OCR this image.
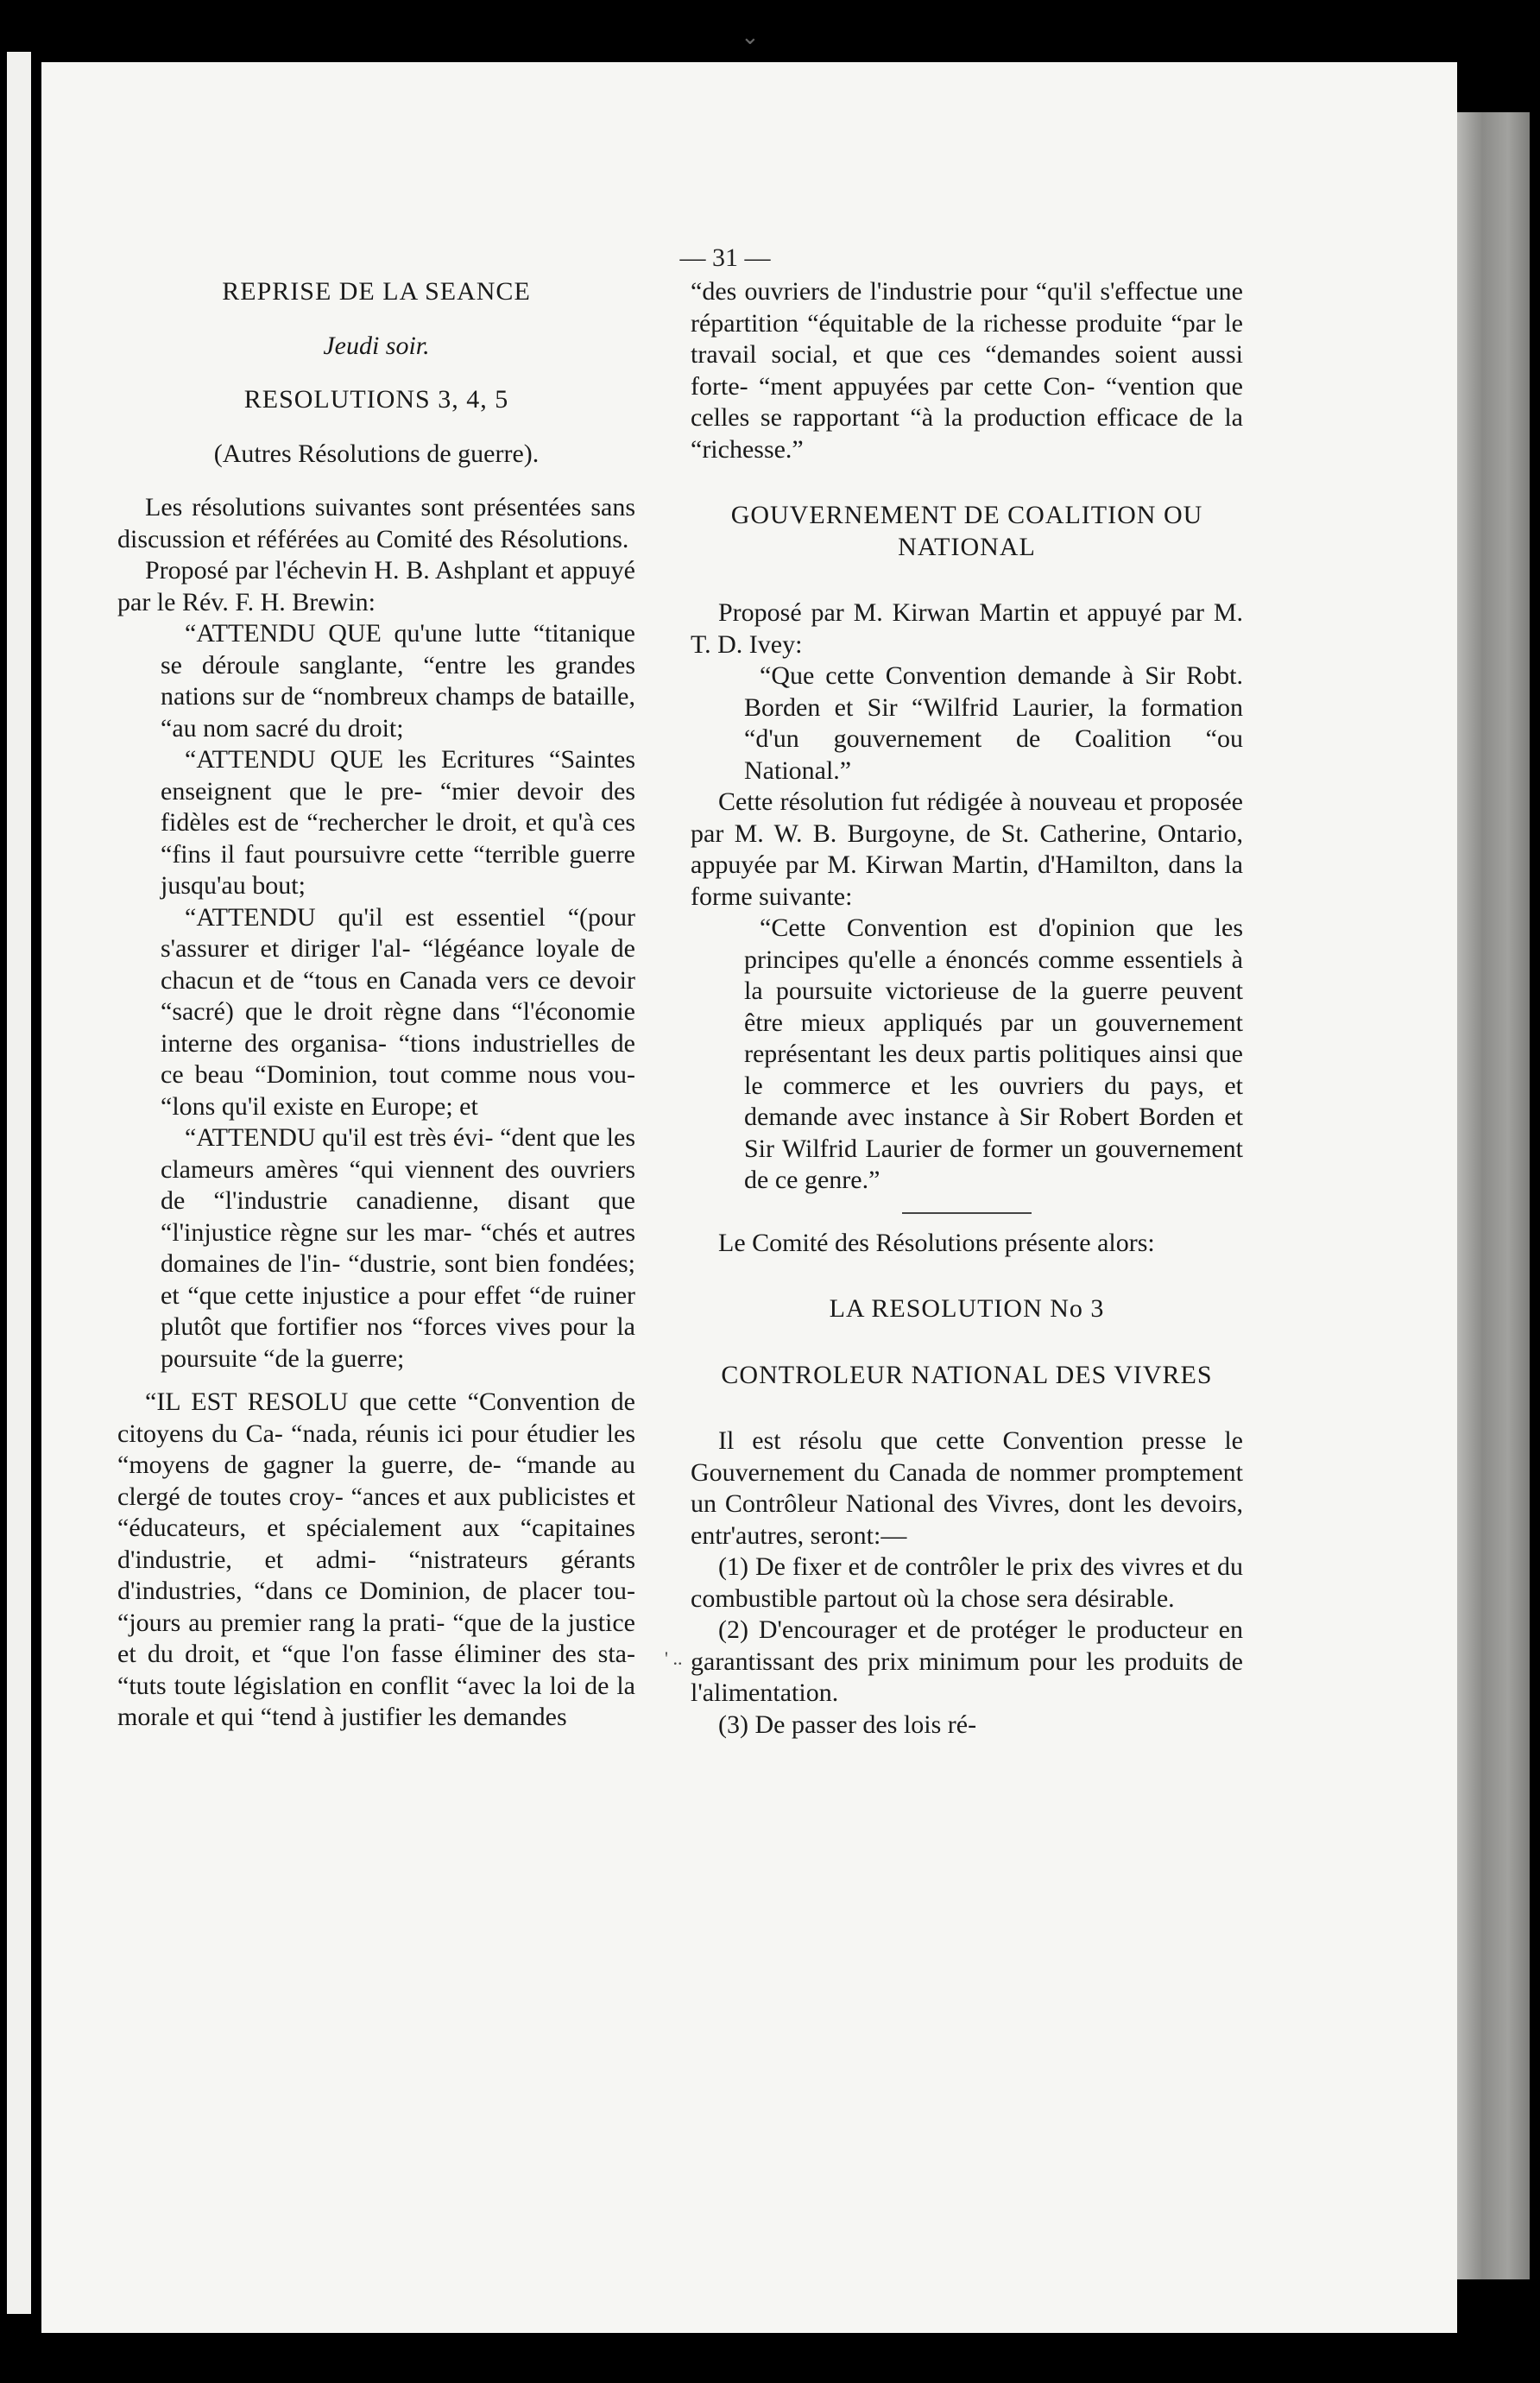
⌄
— 31 —

REPRISE DE LA SEANCE

Jeudi soir.

RESOLUTIONS 3, 4, 5

(Autres Résolutions de guerre).

Les résolutions suivantes sont présentées sans discussion et référées au Comité des Résolutions.

Proposé par l'échevin H. B. Ashplant et appuyé par le Rév. F. H. Brewin:

“ATTENDU QUE qu'une lutte “titanique se déroule sanglante, “entre les grandes nations sur de “nombreux champs de bataille, “au nom sacré du droit;

“ATTENDU QUE les Ecritures “Saintes enseignent que le pre- “mier devoir des fidèles est de “rechercher le droit, et qu'à ces “fins il faut poursuivre cette “terrible guerre jusqu'au bout;

“ATTENDU qu'il est essentiel “(pour s'assurer et diriger l'al- “légéance loyale de chacun et de “tous en Canada vers ce devoir “sacré) que le droit règne dans “l'économie interne des organisa- “tions industrielles de ce beau “Dominion, tout comme nous vou- “lons qu'il existe en Europe; et

“ATTENDU qu'il est très évi- “dent que les clameurs amères “qui viennent des ouvriers de “l'industrie canadienne, disant que “l'injustice règne sur les mar- “chés et autres domaines de l'in- “dustrie, sont bien fondées; et “que cette injustice a pour effet “de ruiner plutôt que fortifier nos “forces vives pour la poursuite “de la guerre;

“IL EST RESOLU que cette “Convention de citoyens du Ca- “nada, réunis ici pour étudier les “moyens de gagner la guerre, de- “mande au clergé de toutes croy- “ances et aux publicistes et “éducateurs, et spécialement aux “capitaines d'industrie, et admi- “nistrateurs gérants d'industries, “dans ce Dominion, de placer tou- “jours au premier rang la prati- “que de la justice et du droit, et “que l'on fasse éliminer des sta- “tuts toute législation en conflit “avec la loi de la morale et qui “tend à justifier les demandes

“des ouvriers de l'industrie pour “qu'il s'effectue une répartition “équitable de la richesse produite “par le travail social, et que ces “demandes soient aussi forte- “ment appuyées par cette Con- “vention que celles se rapportant “à la production efficace de la “richesse.”

GOUVERNEMENT DE COALITION OU NATIONAL

Proposé par M. Kirwan Martin et appuyé par M. T. D. Ivey:

“Que cette Convention demande à Sir Robt. Borden et Sir “Wilfrid Laurier, la formation “d'un gouvernement de Coalition “ou National.”

Cette résolution fut rédigée à nouveau et proposée par M. W. B. Burgoyne, de St. Catherine, Ontario, appuyée par M. Kirwan Martin, d'Hamilton, dans la forme suivante:

“Cette Convention est d'opinion que les principes qu'elle a énoncés comme essentiels à la poursuite victorieuse de la guerre peuvent être mieux appliqués par un gouvernement représentant les deux partis politiques ainsi que le commerce et les ouvriers du pays, et demande avec instance à Sir Robert Borden et Sir Wilfrid Laurier de former un gouvernement de ce genre.”

Le Comité des Résolutions présente alors:

LA RESOLUTION No 3

CONTROLEUR NATIONAL DES VIVRES

Il est résolu que cette Convention presse le Gouvernement du Canada de nommer promptement un Contrôleur National des Vivres, dont les devoirs, entr'autres, seront:—

(1) De fixer et de contrôler le prix des vivres et du combustible partout où la chose sera désirable.

(2) D'encourager et de protéger le producteur en garantissant des prix minimum pour les produits de l'alimentation.

(3) De passer des lois ré-

' ..
